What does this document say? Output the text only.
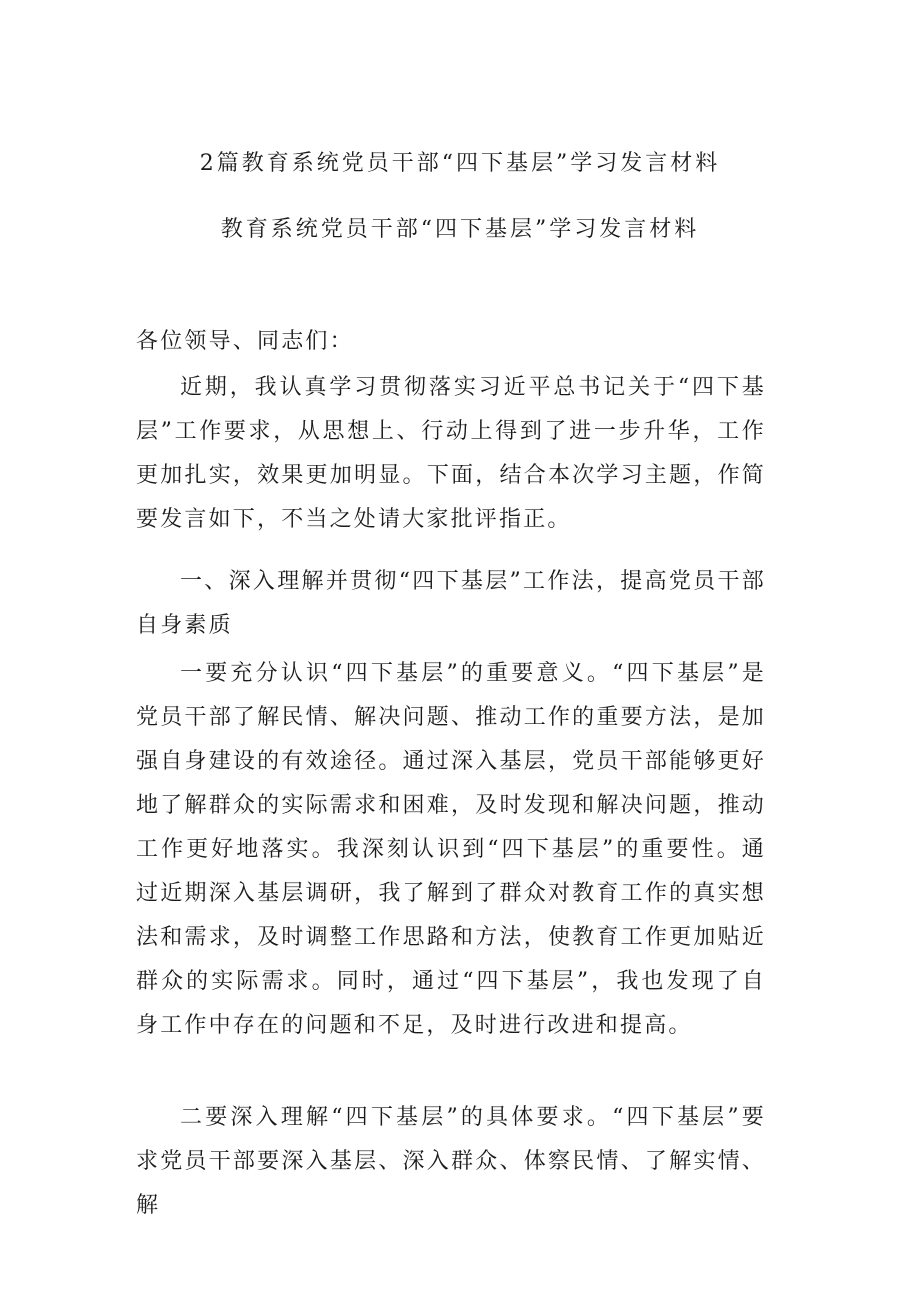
2篇教育系统党员干部“四下基层”学习发言材料
教育系统党员干部“四下基层”学习发言材料

各位领导、同志们：

近期，我认真学习贯彻落实习近平总书记关于“四下基层”工作要求，从思想上、行动上得到了进一步升华，工作更加扎实，效果更加明显。下面，结合本次学习主题，作简要发言如下，不当之处请大家批评指正。

一、深入理解并贯彻“四下基层”工作法，提高党员干部自身素质

一要充分认识“四下基层”的重要意义。“四下基层”是党员干部了解民情、解决问题、推动工作的重要方法，是加强自身建设的有效途径。通过深入基层，党员干部能够更好地了解群众的实际需求和困难，及时发现和解决问题，推动工作更好地落实。我深刻认识到“四下基层”的重要性。通过近期深入基层调研，我了解到了群众对教育工作的真实想法和需求，及时调整工作思路和方法，使教育工作更加贴近群众的实际需求。同时，通过“四下基层”，我也发现了自身工作中存在的问题和不足，及时进行改进和提高。

二要深入理解“四下基层”的具体要求。“四下基层”要求党员干部要深入基层、深入群众、体察民情、了解实情、解
